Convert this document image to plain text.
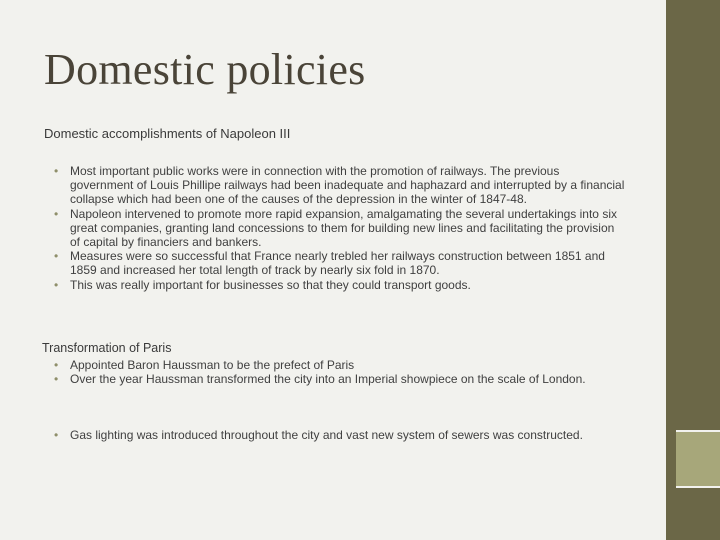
Domestic policies

Domestic accomplishments of Napoleon III

• Most important public works were in connection with the promotion of railways. The previous government of Louis Phillipe railways had been inadequate and haphazard and interrupted by a financial collapse which had been one of the causes of the depression in the winter of 1847-48.
• Napoleon intervened to promote more rapid expansion, amalgamating the several undertakings into six great companies, granting land concessions to them for building new lines and facilitating the provision of capital by financiers and bankers.
• Measures were so successful that France nearly trebled her railways construction between 1851 and 1859 and increased her total length of track by nearly six fold in 1870.
• This was really important for businesses so that they could transport goods.

Transformation of Paris

• Appointed Baron Haussman to be the prefect of Paris
• Over the year Haussman transformed the city into an Imperial showpiece on the scale of London.
• Gas lighting was introduced throughout the city and vast new system of sewers was constructed.
